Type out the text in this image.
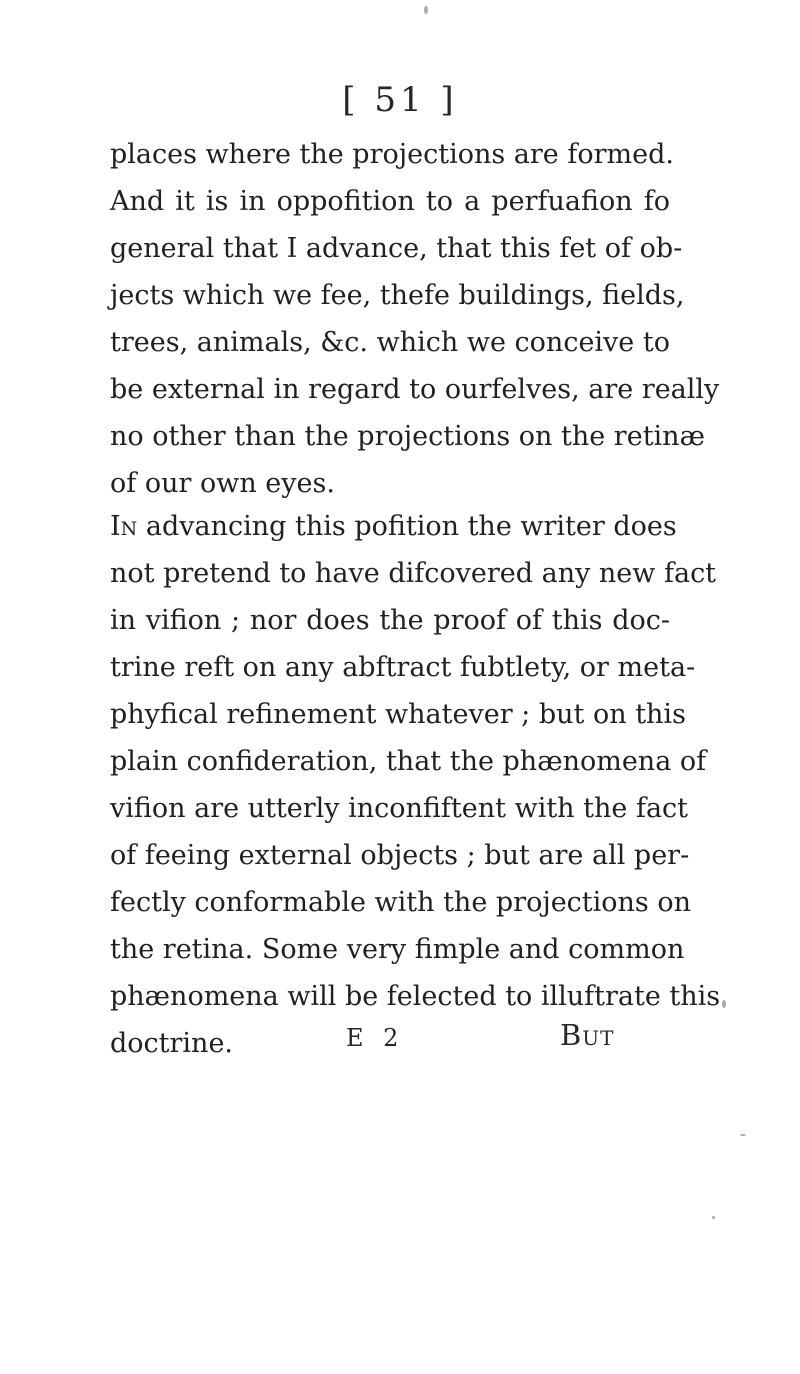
[ 51 ]
places where the projections are formed.
And it is in oppofition to a perfuafion fo
general that I advance, that this fet of ob-
jects which we fee, thefe buildings, fields,
trees, animals, &c. which we conceive to
be external in regard to ourfelves, are really
no other than the projections on the retinæ
of our own eyes.
In advancing this pofition the writer does
not pretend to have difcovered any new fact
in vifion ; nor does the proof of this doc-
trine reft on any abftract fubtlety, or meta-
phyfical refinement whatever ; but on this
plain confideration, that the phænomena of
vifion are utterly inconfiftent with the fact
of feeing external objects ; but are all per-
fectly conformable with the projections on
the retina. Some very fimple and common
phænomena will be felected to illuftrate this
doctrine.	E 2	But
